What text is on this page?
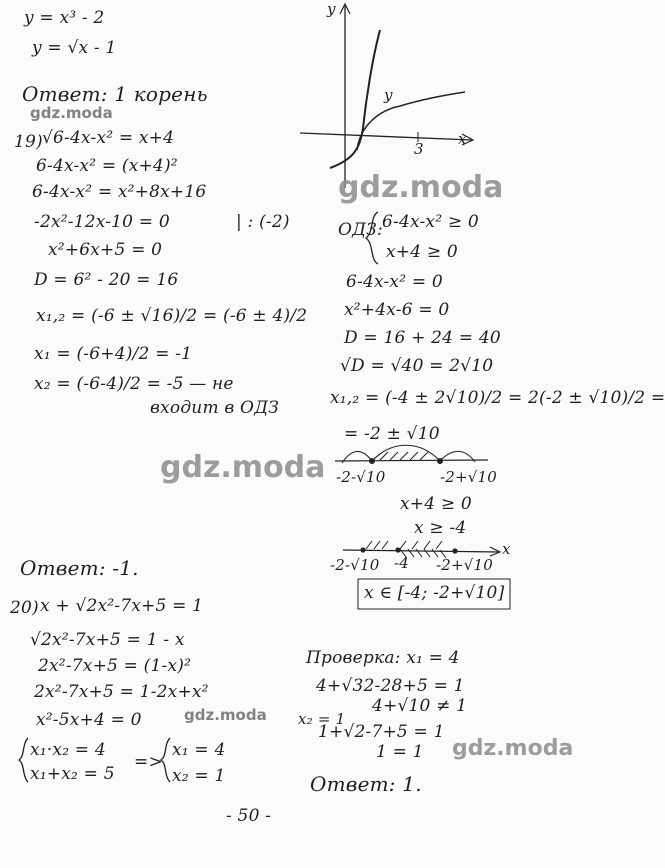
y = x³ - 2
y = √x - 1
Ответ: 1 корень
y
x
3
y
19) √6-4x-x² = x+4
6-4x-x² = (x+4)²
6-4x-x² = x²+8x+16
-2x²-12x-10 = 0	| : (-2)
x²+6x+5 = 0
D = 6² - 20 = 16
x₁,₂ = (-6 ± √16)/2 = (-6 ± 4)/2
x₁ = (-6+4)/2 = -1
x₂ = (-6-4)/2 = -5 — не
входит в ОДЗ
Ответ: -1.
ОДЗ: 6-4x-x² ≥ 0
x+4 ≥ 0
6-4x-x² = 0
x²+4x-6 = 0
D = 16 + 24 = 40
√D = √40 = 2√10
x₁,₂ = (-4 ± 2√10)/2 = 2(-2 ± √10)/2 =
= -2 ± √10
-2-√10	-2+√10
x+4 ≥ 0
x ≥ -4
-2-√10 -4 -2+√10
x
x ∈ [-4; -2+√10]
20) x + √2x²-7x+5 = 1
√2x²-7x+5 = 1 - x
2x²-7x+5 = (1-x)²
2x²-7x+5 = 1-2x+x²
x²-5x+4 = 0
x₁·x₂ = 4
x₁+x₂ = 5
=>
x₁ = 4
x₂ = 1
Проверка: x₁ = 4
4+√32-28+5 = 1
4+√10 ≠ 1
x₂ = 1
1+√2-7+5 = 1
1 = 1
Ответ: 1.
- 50 -
gdz.moda
gdz.moda
gdz.moda
gdz.moda
gdz.moda
